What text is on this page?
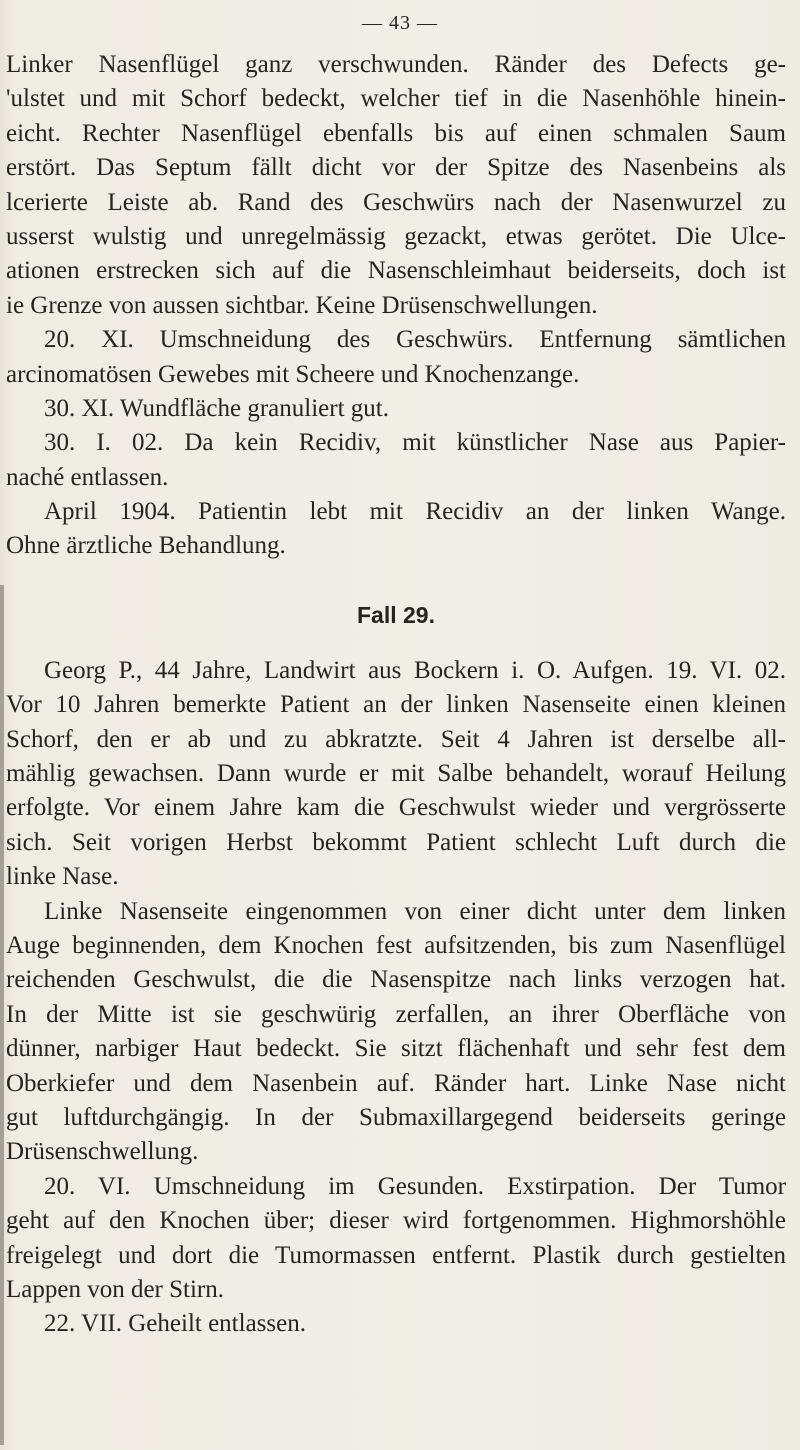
— 43 —
Linker Nasenflügel ganz verschwunden. Ränder des Defects ge-
'ulstet und mit Schorf bedeckt, welcher tief in die Nasenhöhle hinein-
eicht. Rechter Nasenflügel ebenfalls bis auf einen schmalen Saum
erstört. Das Septum fällt dicht vor der Spitze des Nasenbeins als
lcerierte Leiste ab. Rand des Geschwürs nach der Nasenwurzel zu
usserst wulstig und unregelmässig gezackt, etwas gerötet. Die Ulce-
ationen erstrecken sich auf die Nasenschleimhaut beiderseits, doch ist
ie Grenze von aussen sichtbar. Keine Drüsenschwellungen.
20. XI. Umschneidung des Geschwürs. Entfernung sämtlichen
arcinomatösen Gewebes mit Scheere und Knochenzange.
30. XI. Wundfläche granuliert gut.
30. I. 02. Da kein Recidiv, mit künstlicher Nase aus Papier-
naché entlassen.
April 1904. Patientin lebt mit Recidiv an der linken Wange.
Ohne ärztliche Behandlung.
Fall 29.
Georg P., 44 Jahre, Landwirt aus Bockern i. O. Aufgen. 19. VI. 02.
Vor 10 Jahren bemerkte Patient an der linken Nasenseite einen kleinen
Schorf, den er ab und zu abkratzte. Seit 4 Jahren ist derselbe all-
mählig gewachsen. Dann wurde er mit Salbe behandelt, worauf Heilung
erfolgte. Vor einem Jahre kam die Geschwulst wieder und vergrösserte
sich. Seit vorigen Herbst bekommt Patient schlecht Luft durch die
linke Nase.
Linke Nasenseite eingenommen von einer dicht unter dem linken
Auge beginnenden, dem Knochen fest aufsitzenden, bis zum Nasenflügel
reichenden Geschwulst, die die Nasenspitze nach links verzogen hat.
In der Mitte ist sie geschwürig zerfallen, an ihrer Oberfläche von
dünner, narbiger Haut bedeckt. Sie sitzt flächenhaft und sehr fest dem
Oberkiefer und dem Nasenbein auf. Ränder hart. Linke Nase nicht
gut luftdurchgängig. In der Submaxillargegend beiderseits geringe
Drüsenschwellung.
20. VI. Umschneidung im Gesunden. Exstirpation. Der Tumor
geht auf den Knochen über; dieser wird fortgenommen. Highmorshöhle
freigelegt und dort die Tumormassen entfernt. Plastik durch gestielten
Lappen von der Stirn.
22. VII. Geheilt entlassen.
